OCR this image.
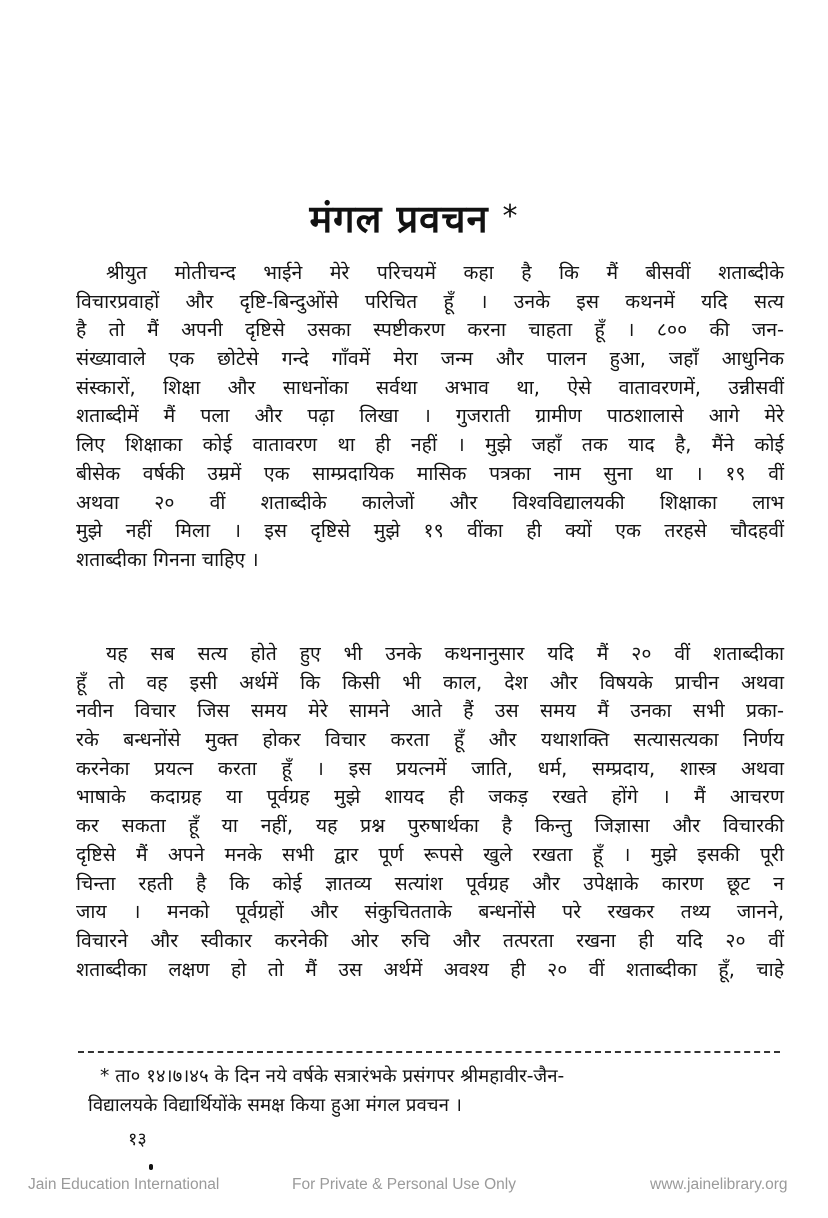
मंगल प्रवचन *
श्रीयुत मोतीचन्द भाईने मेरे परिचयमें कहा है कि मैं बीसवीं शताब्दीके
विचारप्रवाहों और दृष्टि-बिन्दुओंसे परिचित हूँ । उनके इस कथनमें यदि सत्य
है तो मैं अपनी दृष्टिसे उसका स्पष्टीकरण करना चाहता हूँ । ८०० की जन-
संख्यावाले एक छोटेसे गन्दे गाँवमें मेरा जन्म और पालन हुआ, जहाँ आधुनिक
संस्कारों, शिक्षा और साधनोंका सर्वथा अभाव था, ऐसे वातावरणमें, उन्नीसवीं
शताब्दीमें मैं पला और पढ़ा लिखा । गुजराती ग्रामीण पाठशालासे आगे मेरे
लिए शिक्षाका कोई वातावरण था ही नहीं । मुझे जहाँ तक याद है, मैंने कोई
बीसेक वर्षकी उम्रमें एक साम्प्रदायिक मासिक पत्रका नाम सुना था । १९ वीं
अथवा २० वीं शताब्दीके कालेजों और विश्वविद्यालयकी शिक्षाका लाभ
मुझे नहीं मिला । इस दृष्टिसे मुझे १९ वींका ही क्यों एक तरहसे चौदहवीं
शताब्दीका गिनना चाहिए ।
यह सब सत्य होते हुए भी उनके कथनानुसार यदि मैं २० वीं शताब्दीका
हूँ तो वह इसी अर्थमें कि किसी भी काल, देश और विषयके प्राचीन अथवा
नवीन विचार जिस समय मेरे सामने आते हैं उस समय मैं उनका सभी प्रका-
रके बन्धनोंसे मुक्त होकर विचार करता हूँ और यथाशक्ति सत्यासत्यका निर्णय
करनेका प्रयत्न करता हूँ । इस प्रयत्नमें जाति, धर्म, सम्प्रदाय, शास्त्र अथवा
भाषाके कदाग्रह या पूर्वग्रह मुझे शायद ही जकड़ रखते होंगे । मैं आचरण
कर सकता हूँ या नहीं, यह प्रश्न पुरुषार्थका है किन्तु जिज्ञासा और विचारकी
दृष्टिसे मैं अपने मनके सभी द्वार पूर्ण रूपसे खुले रखता हूँ । मुझे इसकी पूरी
चिन्ता रहती है कि कोई ज्ञातव्य सत्यांश पूर्वग्रह और उपेक्षाके कारण छूट न
जाय । मनको पूर्वग्रहों और संकुचितताके बन्धनोंसे परे रखकर तथ्य जानने,
विचारने और स्वीकार करनेकी ओर रुचि और तत्परता रखना ही यदि २० वीं
शताब्दीका लक्षण हो तो मैं उस अर्थमें अवश्य ही २० वीं शताब्दीका हूँ, चाहे
* ता० १४।७।४५ के दिन नये वर्षके सत्रारंभके प्रसंगपर श्रीमहावीर-जैन-
विद्यालयके विद्यार्थियोंके समक्ष किया हुआ मंगल प्रवचन ।
१३
Jain Education International	For Private & Personal Use Only	www.jainelibrary.org
